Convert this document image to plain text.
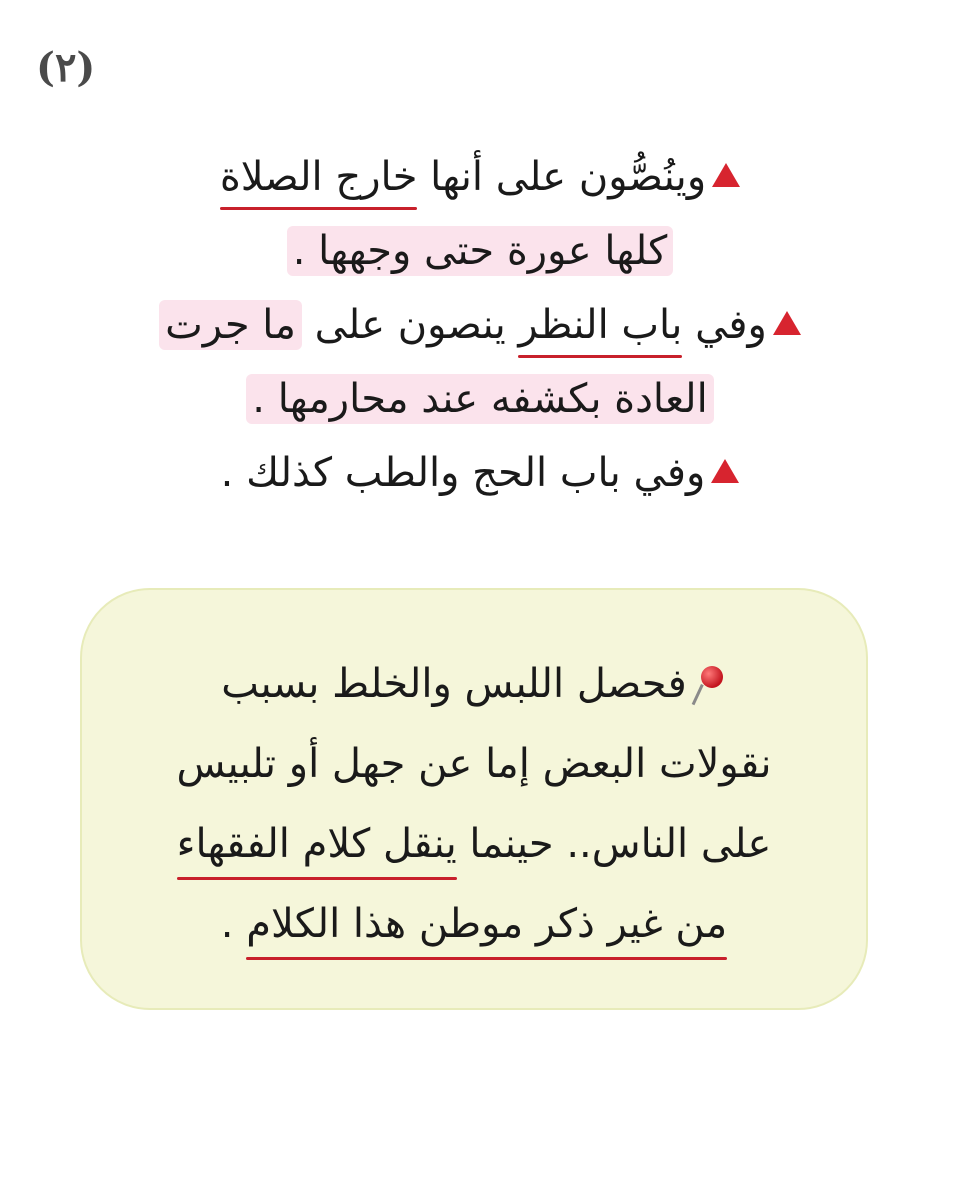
(٢)
وينُصُّون على أنها خارج الصلاة
كلها عورة حتى وجهها .
وفي باب النظر ينصون على ما جرت
العادة بكشفه عند محارمها .
وفي باب الحج والطب كذلك .
فحصل اللبس والخلط بسبب
نقولات البعض إما عن جهل أو تلبيس
على الناس.. حينما ينقل كلام الفقهاء
من غير ذكر موطن هذا الكلام .
